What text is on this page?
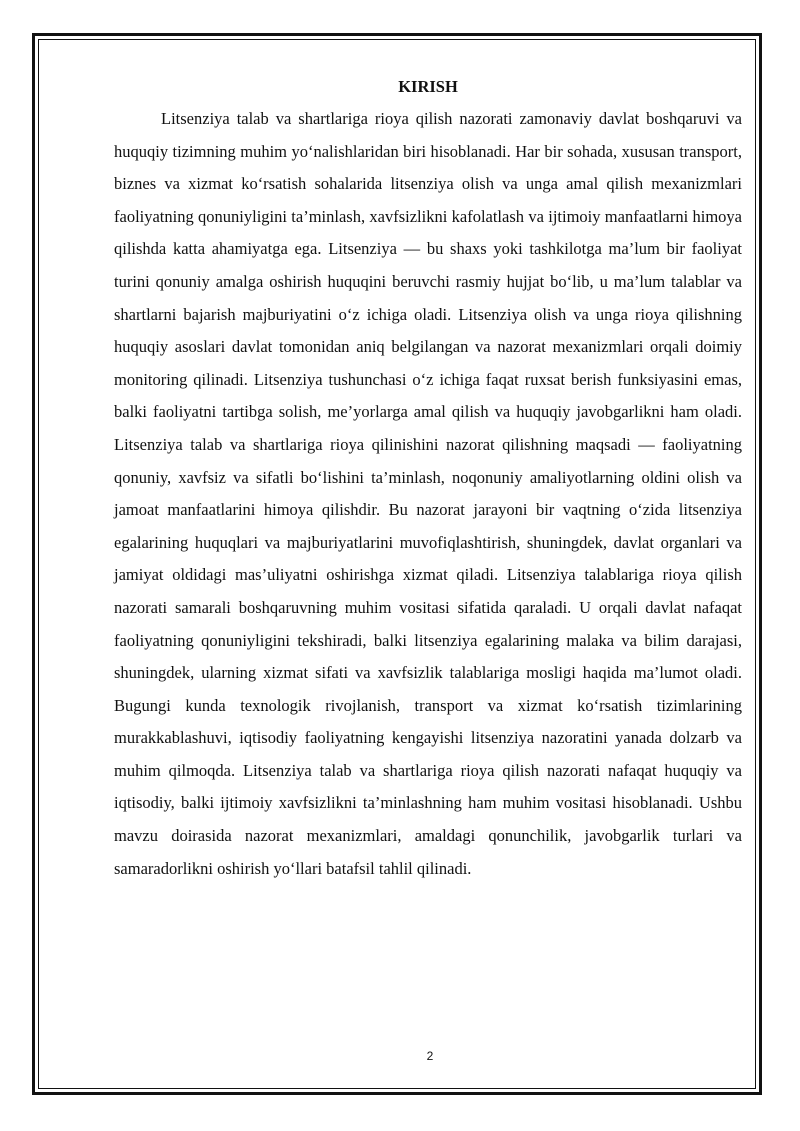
KIRISH

Litsenziya talab va shartlariga rioya qilish nazorati zamonaviy davlat boshqaruvi va huquqiy tizimning muhim yo‘nalishlaridan biri hisoblanadi. Har bir sohada, xususan transport, biznes va xizmat ko‘rsatish sohalarida litsenziya olish va unga amal qilish mexanizmlari faoliyatning qonuniyligini ta’minlash, xavfsizlikni kafolatlash va ijtimoiy manfaatlarni himoya qilishda katta ahamiyatga ega. Litsenziya — bu shaxs yoki tashkilotga ma’lum bir faoliyat turini qonuniy amalga oshirish huquqini beruvchi rasmiy hujjat bo‘lib, u ma’lum talablar va shartlarni bajarish majburiyatini o‘z ichiga oladi. Litsenziya olish va unga rioya qilishning huquqiy asoslari davlat tomonidan aniq belgilangan va nazorat mexanizmlari orqali doimiy monitoring qilinadi. Litsenziya tushunchasi o‘z ichiga faqat ruxsat berish funksiyasini emas, balki faoliyatni tartibga solish, me’yorlarga amal qilish va huquqiy javobgarlikni ham oladi. Litsenziya talab va shartlariga rioya qilinishini nazorat qilishning maqsadi — faoliyatning qonuniy, xavfsiz va sifatli bo‘lishini ta’minlash, noqonuniy amaliyotlarning oldini olish va jamoat manfaatlarini himoya qilishdir. Bu nazorat jarayoni bir vaqtning o‘zida litsenziya egalarining huquqlari va majburiyatlarini muvofiqlashtirish, shuningdek, davlat organlari va jamiyat oldidagi mas’uliyatni oshirishga xizmat qiladi. Litsenziya talablariga rioya qilish nazorati samarali boshqaruvning muhim vositasi sifatida qaraladi. U orqali davlat nafaqat faoliyatning qonuniyligini tekshiradi, balki litsenziya egalarining malaka va bilim darajasi, shuningdek, ularning xizmat sifati va xavfsizlik talablariga mosligi haqida ma’lumot oladi. Bugungi kunda texnologik rivojlanish, transport va xizmat ko‘rsatish tizimlarining murakkablashuvi, iqtisodiy faoliyatning kengayishi litsenziya nazoratini yanada dolzarb va muhim qilmoqda. Litsenziya talab va shartlariga rioya qilish nazorati nafaqat huquqiy va iqtisodiy, balki ijtimoiy xavfsizlikni ta’minlashning ham muhim vositasi hisoblanadi. Ushbu mavzu doirasida nazorat mexanizmlari, amaldagi qonunchilik, javobgarlik turlari va samaradorlikni oshirish yo‘llari batafsil tahlil qilinadi.

2
